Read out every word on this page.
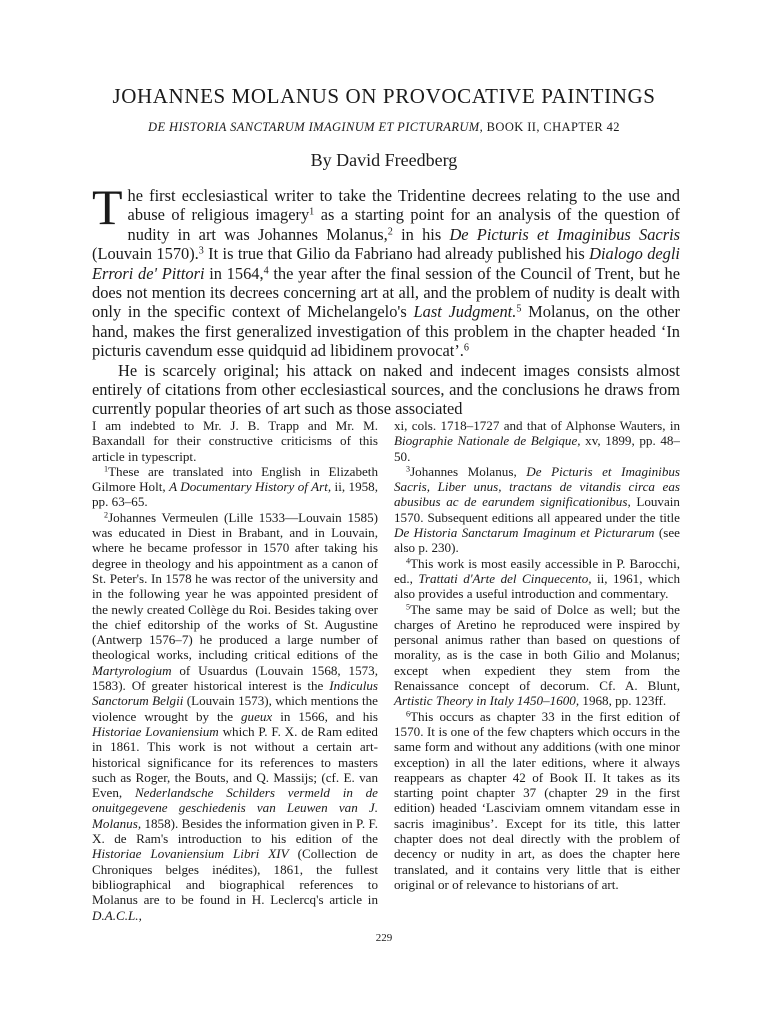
JOHANNES MOLANUS ON PROVOCATIVE PAINTINGS
DE HISTORIA SANCTARUM IMAGINUM ET PICTURARUM, BOOK II, CHAPTER 42
By David Freedberg

The first ecclesiastical writer to take the Tridentine decrees relating to the use and abuse of religious imagery$^1$ as a starting point for an analysis of the question of nudity in art was Johannes Molanus,$^2$ in his De Picturis et Imaginibus Sacris (Louvain 1570).$^3$ It is true that Gilio da Fabriano had already published his Dialogo degli Errori de' Pittori in 1564,$^4$ the year after the final session of the Council of Trent, but he does not mention its decrees concerning art at all, and the problem of nudity is dealt with only in the specific context of Michelangelo's Last Judgment.$^5$ Molanus, on the other hand, makes the first generalized investigation of this problem in the chapter headed ‘In picturis cavendum esse quidquid ad libidinem provocat’.$^6$

He is scarcely original; his attack on naked and indecent images consists almost entirely of citations from other ecclesiastical sources, and the conclusions he draws from currently popular theories of art such as those associated

I am indebted to Mr. J. B. Trapp and Mr. M. Baxandall for their constructive criticisms of this article in typescript.

$^1$These are translated into English in Elizabeth Gilmore Holt, A Documentary History of Art, ii, 1958, pp. 63–65.

$^2$Johannes Vermeulen (Lille 1533—Louvain 1585) was educated in Diest in Brabant, and in Louvain, where he became professor in 1570 after taking his degree in theology and his appointment as a canon of St. Peter's. In 1578 he was rector of the university and in the following year he was appointed president of the newly created Collège du Roi. Besides taking over the chief editorship of the works of St. Augustine (Antwerp 1576–7) he produced a large number of theological works, including critical editions of the Martyrologium of Usuardus (Louvain 1568, 1573, 1583). Of greater historical interest is the Indiculus Sanctorum Belgii (Louvain 1573), which mentions the violence wrought by the gueux in 1566, and his Historiae Lovaniensium which P. F. X. de Ram edited in 1861. This work is not without a certain art-historical significance for its references to masters such as Roger, the Bouts, and Q. Massijs; (cf. E. van Even, Nederlandsche Schilders vermeld in de onuitgegevene geschiedenis van Leuwen van J. Molanus, 1858). Besides the information given in P. F. X. de Ram's introduction to his edition of the Historiae Lovaniensium Libri XIV (Collection de Chroniques belges inédites), 1861, the fullest bibliographical and biographical references to Molanus are to be found in H. Leclercq's article in D.A.C.L.,

xi, cols. 1718–1727 and that of Alphonse Wauters, in Biographie Nationale de Belgique, xv, 1899, pp. 48–50.

$^3$Johannes Molanus, De Picturis et Imaginibus Sacris, Liber unus, tractans de vitandis circa eas abusibus ac de earundem significationibus, Louvain 1570. Subsequent editions all appeared under the title De Historia Sanctarum Imaginum et Picturarum (see also p. 230).

$^4$This work is most easily accessible in P. Barocchi, ed., Trattati d'Arte del Cinquecento, ii, 1961, which also provides a useful introduction and commentary.

$^5$The same may be said of Dolce as well; but the charges of Aretino he reproduced were inspired by personal animus rather than based on questions of morality, as is the case in both Gilio and Molanus; except when expedient they stem from the Renaissance concept of decorum. Cf. A. Blunt, Artistic Theory in Italy 1450–1600, 1968, pp. 123ff.

$^6$This occurs as chapter 33 in the first edition of 1570. It is one of the few chapters which occurs in the same form and without any additions (with one minor exception) in all the later editions, where it always reappears as chapter 42 of Book II. It takes as its starting point chapter 37 (chapter 29 in the first edition) headed ‘Lasciviam omnem vitandam esse in sacris imaginibus’. Except for its title, this latter chapter does not deal directly with the problem of decency or nudity in art, as does the chapter here translated, and it contains very little that is either original or of relevance to historians of art.

229
